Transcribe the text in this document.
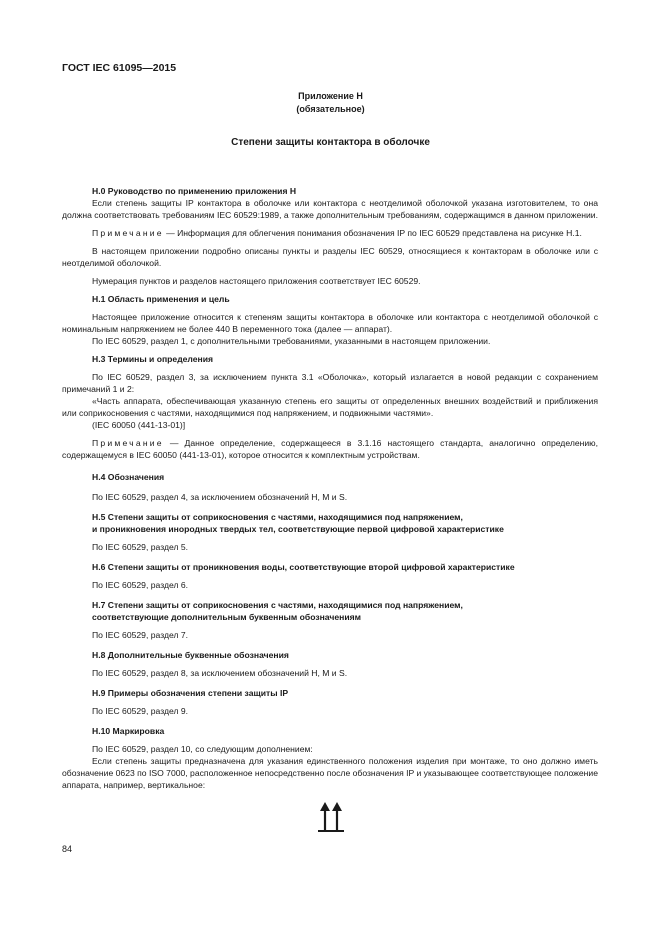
ГОСТ IEC 61095—2015
Приложение Н
(обязательное)
Степени защиты контактора в оболочке
Н.0 Руководство по применению приложения Н
Если степень защиты IP контактора в оболочке или контактора с неотделимой оболочкой указана изготовителем, то она должна соответствовать требованиям IEC 60529:1989, а также дополнительным требованиям, содержащимся в данном приложении.
Примечание — Информация для облегчения понимания обозначения IP по IEC 60529 представлена на рисунке Н.1.
В настоящем приложении подробно описаны пункты и разделы IEC 60529, относящиеся к контакторам в оболочке или с неотделимой оболочкой.
Нумерация пунктов и разделов настоящего приложения соответствует IEC 60529.
Н.1 Область применения и цель
Настоящее приложение относится к степеням защиты контактора в оболочке или контактора с неотделимой оболочкой с номинальным напряжением не более 440 В переменного тока (далее — аппарат).
По IEC 60529, раздел 1, с дополнительными требованиями, указанными в настоящем приложении.
Н.3 Термины и определения
По IEC 60529, раздел 3, за исключением пункта 3.1 «Оболочка», который излагается в новой редакции с сохранением примечаний 1 и 2:
«Часть аппарата, обеспечивающая указанную степень его защиты от определенных внешних воздействий и приближения или соприкосновения с частями, находящимися под напряжением, и подвижными частями».
(IEC 60050 (441-13-01)]
Примечание — Данное определение, содержащееся в 3.1.16 настоящего стандарта, аналогично определению, содержащемуся в IEC 60050 (441-13-01), которое относится к комплектным устройствам.
Н.4 Обозначения
По IEC 60529, раздел 4, за исключением обозначений Н, М и S.
Н.5 Степени защиты от соприкосновения с частями, находящимися под напряжением,
и проникновения инородных твердых тел, соответствующие первой цифровой характеристике
По IEC 60529, раздел 5.
Н.6 Степени защиты от проникновения воды, соответствующие второй цифровой характеристике
По IEC 60529, раздел 6.
Н.7 Степени защиты от соприкосновения с частями, находящимися под напряжением,
соответствующие дополнительным буквенным обозначениям
По IEC 60529, раздел 7.
Н.8 Дополнительные буквенные обозначения
По IEC 60529, раздел 8, за исключением обозначений Н, М и S.
Н.9 Примеры обозначения степени защиты IP
По IEC 60529, раздел 9.
Н.10 Маркировка
По IEC 60529, раздел 10, со следующим дополнением:
Если степень защиты предназначена для указания единственного положения изделия при монтаже, то оно должно иметь обозначение 0623 по ISO 7000, расположенное непосредственно после обозначения IP и указывающее соответствующее положение аппарата, например, вертикальное:
84
